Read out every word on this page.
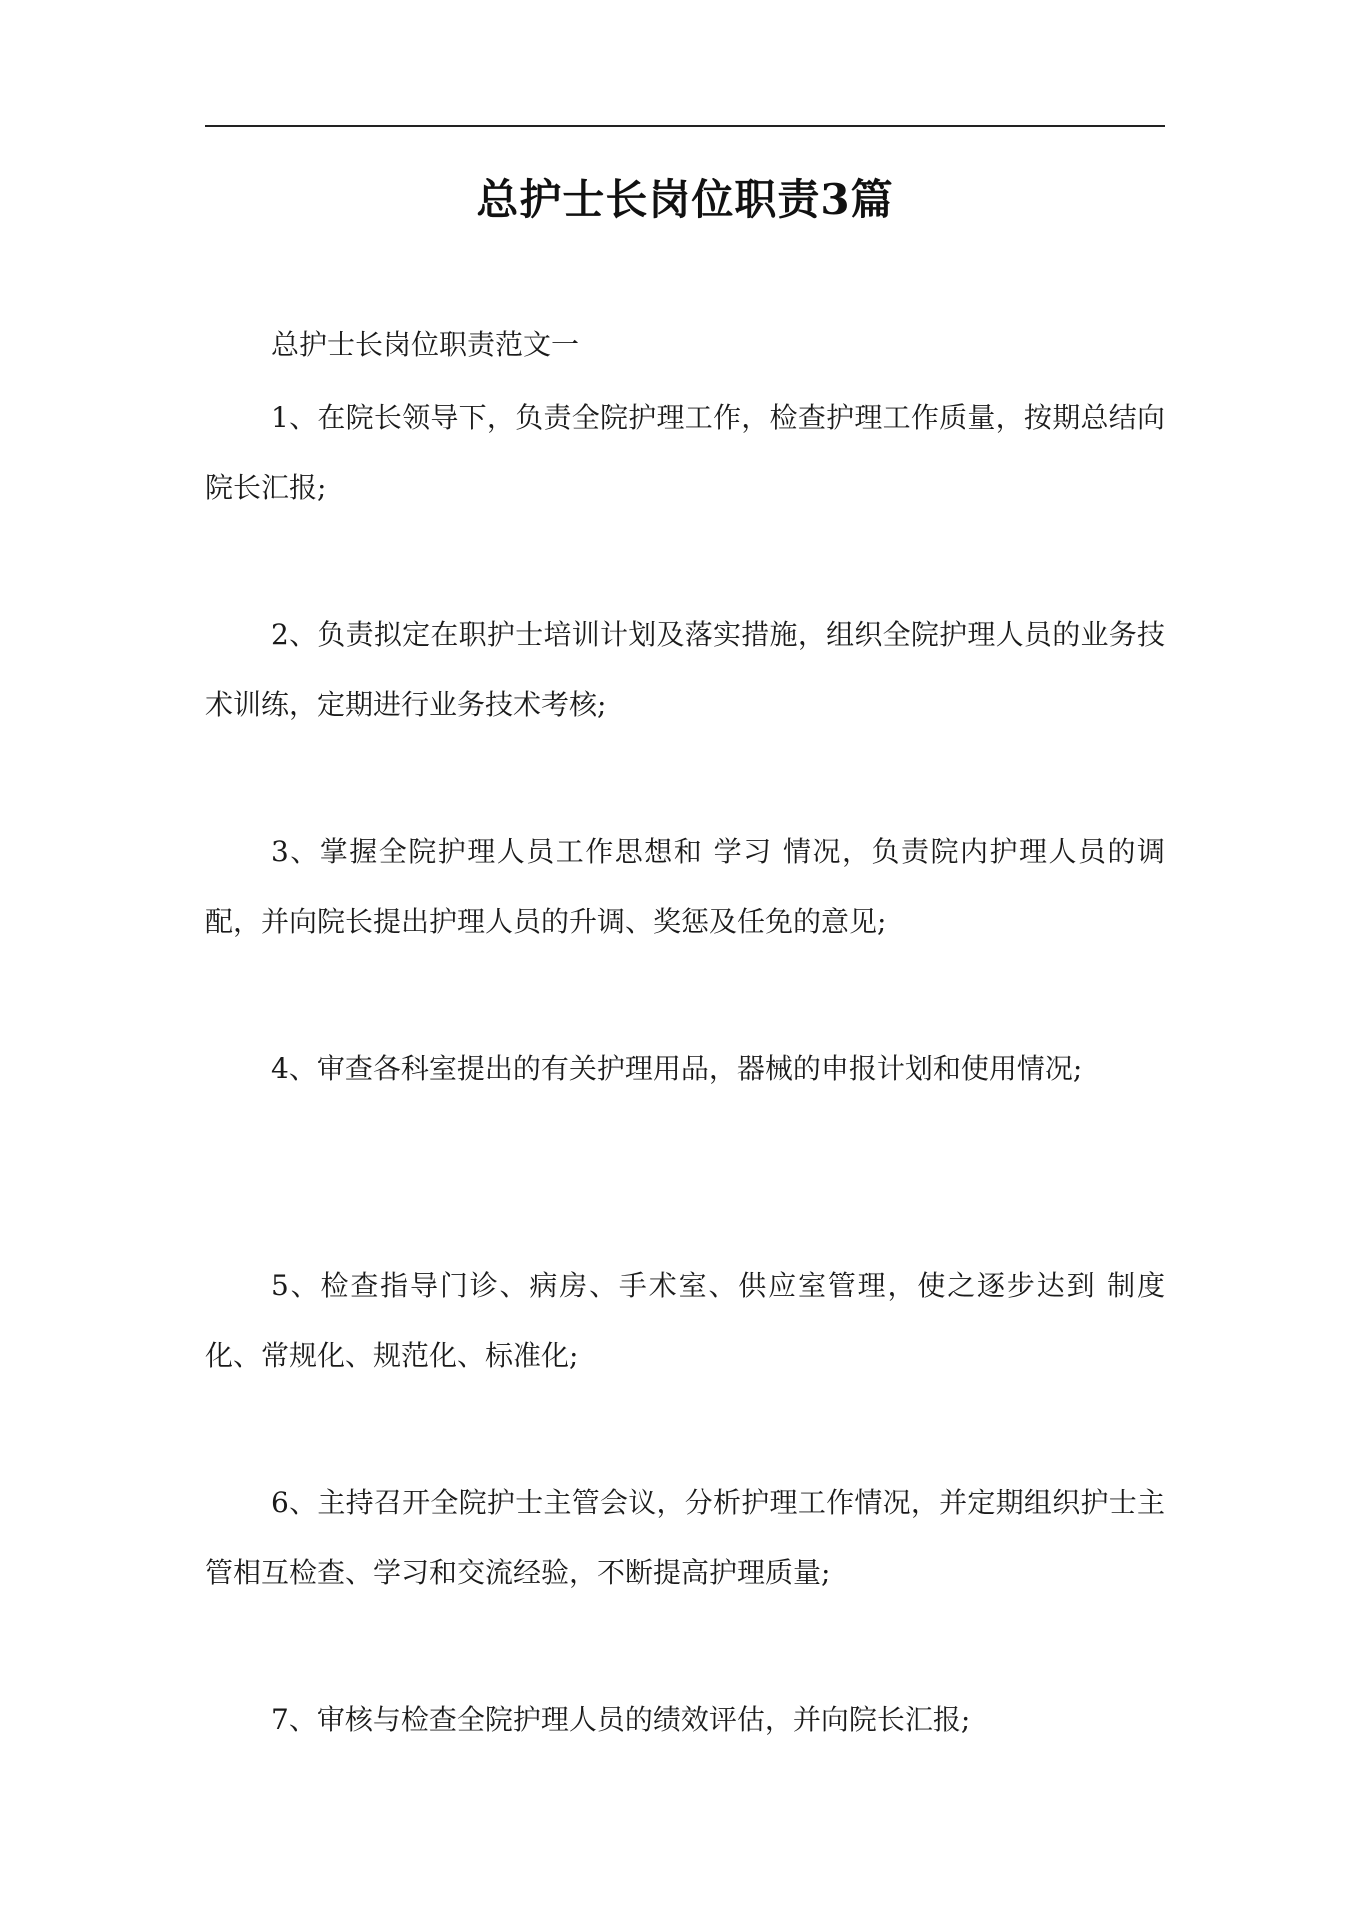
总护士长岗位职责3篇
总护士长岗位职责范文一

1、在院长领导下，负责全院护理工作，检查护理工作质量，按期总结向院长汇报;

2、负责拟定在职护士培训计划及落实措施，组织全院护理人员的业务技术训练，定期进行业务技术考核;

3、掌握全院护理人员工作思想和 学习 情况，负责院内护理人员的调配，并向院长提出护理人员的升调、奖惩及任免的意见;

4、审查各科室提出的有关护理用品，器械的申报计划和使用情况;

5、检查指导门诊、病房、手术室、供应室管理，使之逐步达到 制度 化、常规化、规范化、标准化;

6、主持召开全院护士主管会议，分析护理工作情况，并定期组织护士主管相互检查、学习和交流经验，不断提高护理质量;

7、审核与检查全院护理人员的绩效评估，并向院长汇报;
